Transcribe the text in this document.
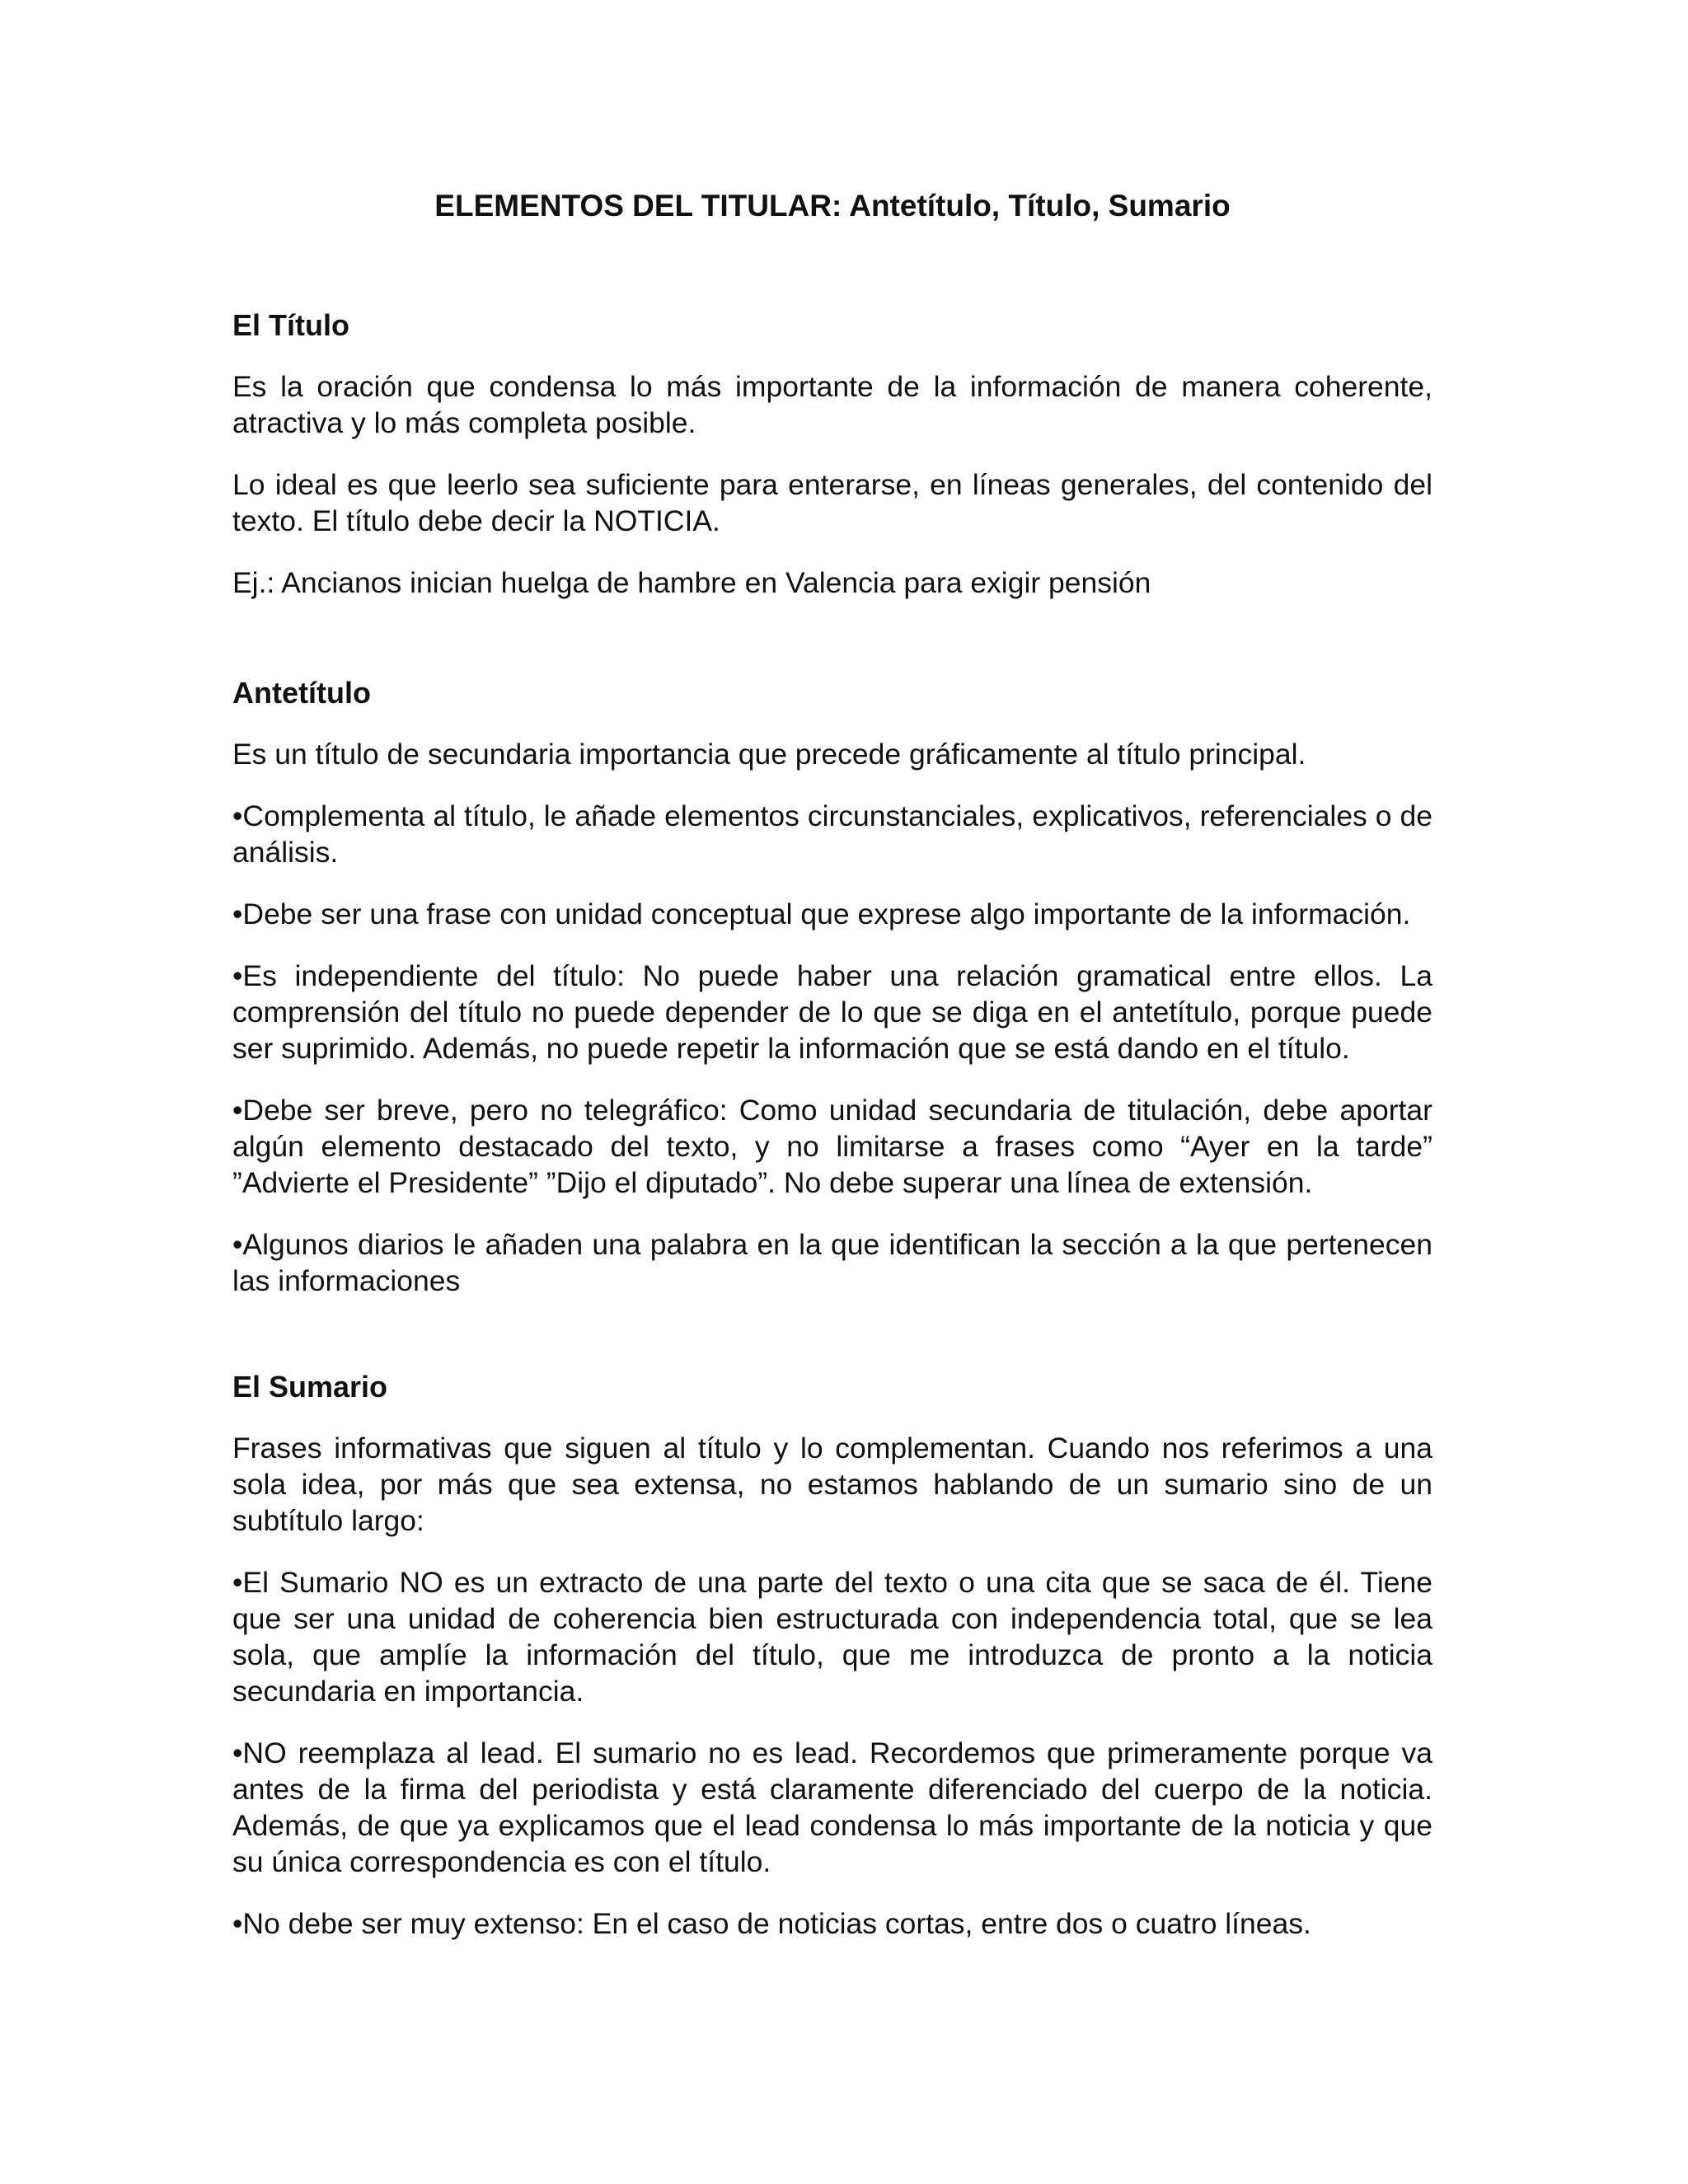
ELEMENTOS DEL TITULAR: Antetítulo, Título, Sumario
El Título

Es la oración que condensa lo más importante de la información de manera coherente, atractiva y lo más completa posible.

Lo ideal es que leerlo sea suficiente para enterarse, en líneas generales, del contenido del texto. El título debe decir la NOTICIA.

Ej.: Ancianos inician huelga de hambre en Valencia para exigir pensión

Antetítulo

Es un título de secundaria importancia que precede gráficamente al título principal.

•Complementa al título, le añade elementos circunstanciales, explicativos, referenciales o de análisis.

•Debe ser una frase con unidad conceptual que exprese algo importante de la información.

•Es independiente del título: No puede haber una relación gramatical entre ellos. La comprensión del título no puede depender de lo que se diga en el antetítulo, porque puede ser suprimido. Además, no puede repetir la información que se está dando en el título.

•Debe ser breve, pero no telegráfico: Como unidad secundaria de titulación, debe aportar algún elemento destacado del texto, y no limitarse a frases como “Ayer en la tarde” ”Advierte el Presidente” ”Dijo el diputado”. No debe superar una línea de extensión.

•Algunos diarios le añaden una palabra en la que identifican la sección a la que pertenecen las informaciones

El Sumario

Frases informativas que siguen al título y lo complementan. Cuando nos referimos a una sola idea, por más que sea extensa, no estamos hablando de un sumario sino de un subtítulo largo:

•El Sumario NO es un extracto de una parte del texto o una cita que se saca de él. Tiene que ser una unidad de coherencia bien estructurada con independencia total, que se lea sola, que amplíe la información del título, que me introduzca de pronto a la noticia secundaria en importancia.

•NO reemplaza al lead. El sumario no es lead. Recordemos que primeramente porque va antes de la firma del periodista y está claramente diferenciado del cuerpo de la noticia. Además, de que ya explicamos que el lead condensa lo más importante de la noticia y que su única correspondencia es con el título.

•No debe ser muy extenso: En el caso de noticias cortas, entre dos o cuatro líneas.
